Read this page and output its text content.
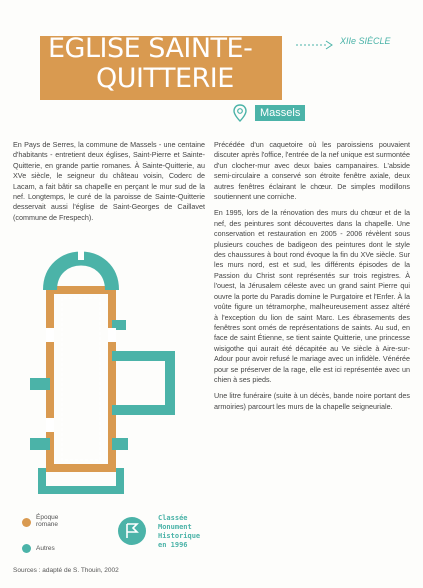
ÉGLISE SAINTE-
QUITTERIE
XIIe SIÈCLE
Massels

En Pays de Serres, la commune de Massels - une centaine d'habitants - entretient deux églises, Saint-Pierre et Sainte-Quitterie, en grande partie romanes. À Sainte-Quitterie, au XVe siècle, le seigneur du château voisin, Coderc de Lacam, a fait bâtir sa chapelle en perçant le mur sud de la nef. Longtemps, le curé de la paroisse de Sainte-Quitterie desservait aussi l'église de Saint-Georges de Caillavet (commune de Frespech).

Précédée d'un caquetoire où les paroissiens pouvaient discuter après l'office, l'entrée de la nef unique est surmontée d'un clocher-mur avec deux baies campanaires. L'abside semi-circulaire a conservé son étroite fenêtre axiale, deux autres fenêtres éclairant le chœur. De simples modillons soutiennent une corniche.

En 1995, lors de la rénovation des murs du chœur et de la nef, des peintures sont découvertes dans la chapelle. Une conservation et restauration en 2005 - 2006 révèlent sous plusieurs couches de badigeon des peintures dont le style des chaussures à bout rond évoque la fin du XVe siècle. Sur les murs nord, est et sud, les différents épisodes de la Passion du Christ sont représentés sur trois registres. À l'ouest, la Jérusalem céleste avec un grand saint Pierre qui ouvre la porte du Paradis domine le Purgatoire et l'Enfer. À la voûte figure un tétramorphe, malheureusement assez altéré à l'exception du lion de saint Marc. Les ébrasements des fenêtres sont ornés de représentations de saints. Au sud, en face de saint Étienne, se tient sainte Quitterie, une princesse wisigothe qui aurait été décapitée au Ve siècle à Aire-sur-Adour pour avoir refusé le mariage avec un infidèle. Vénérée pour se préserver de la rage, elle est ici représentée avec un chien à ses pieds.

Une litre funéraire (suite à un décès, bande noire portant des armoiries) parcourt les murs de la chapelle seigneuriale.

Époque romane
Autres
Classée
Monument
Historique
en 1996
Sources : adapté de S. Thouin, 2002
